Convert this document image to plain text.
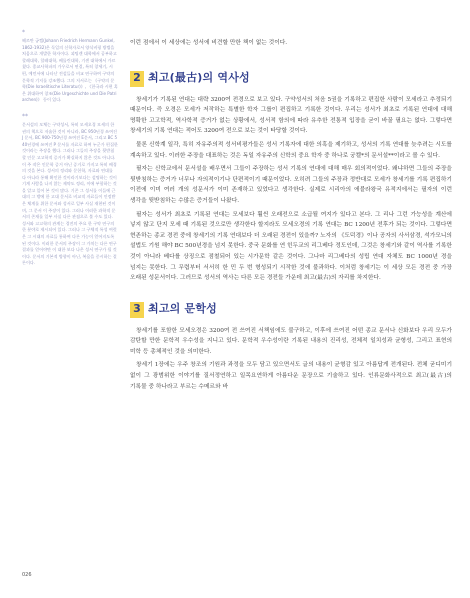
*

헤르만 궁켈(Johann Friedrich Hermann Gunkel, 1862-1932)은 독일의 신학자로서 양식비평 방법을 처음으로 개발한 학자이다. 괴팅겐 대학에서 공부하고 할레대학, 할레대학, 베를린대학, 기센 대학에서 가르쳤다. 종교사학파의 가우로서 연결, 특히 창세기, 시편, 예언서에 나타난 전설들을 비교 연구하여 구약의 문학적 기저를 강조했다. 그의 저서로는 《구약의 문학(Die Israelitische Literatur)》, 《한국과 시편 혹은 위대하여 창조(Die Urgeschichte und Die Patriarchen)》 등이 있다.

**

문서설의 모체는 구약성서, 특히 모세오경 모세의 한 권의 책으로 저술한 것이 아니라, BC 950년경 쓰여진 J 문서, BC 900-750년경 쓰여진 E문서, 그리고 BC 540년경에 쓰여진 P 문서를 자료로 하여 누군가 편집한 것이라는 주장을 했다. 그러나 그들의 주장을 뒷받침할 인문 고고학적 증거가 확실하지 않은 것도 아니다. 이 주 작은 인문학 증거 아닌 증거로 가지고 특히 배경의 것을 본다. 성서의 정리와 문헌학, 자료와 연대를 다 아니라 통해 확인한 것이라기보다는 설명하는 것이 기계 사람을 나지 않는 제약도 정리, 이에 부합하는 것을 알고 일어 본 것이 많다. 기존 그 성서를 이들에 근대의 그 밖에 한 고대 문서로 비교적 자료들이 인정받은 체계를 위한 문서와 성서로 일부 사실 재현된 것이며, 그 문서 이 주장이 있다. 그러나 이러한 과학적 문서의 존재를 일부 사실 다른 관점으로 볼 수도 있다. 성서와 고고학의 관계는 경전의 주요 한 구약 연구의 한 분야로 제시되어 있다. 그러나 그 구체적 특성 여럿은 그 시대의 자료들 통하여 다른 가능이 얻어지도록 된 것이다. 이러한 문서의 주장이 그 가치는 다른 연구 결과를 얻어야만 이 대한 보다 나은 성서 연구가 될 것이다. 문서의 기본적 방향이 아닌, 복음을 중시하는 결론이다.

이런 점에서 이 세상에는 성서에 비견할 만한 책이 없는 것이다.

2 최고(最古)의 역사성

창세기가 기록된 연대는 대략 3200여 전경으로 보고 있다. 구약성서의 처음 5권을 기록하고 편집한 사람이 모세라고 추정되기 때문이다. 즉 오경은 모세가 저작하는 특별한 학자 그룹이 편집하고 기록한 것이다. 우리는 성서가 최초로 기록된 연대에 대해 명확한 고고학적, 역사학적 증거가 없는 상황에서, 성서적 함의에 따라 유추한 전통적 입장을 굳이 바꿀 필요는 없다. 그렇다면 창세기의 기록 연대는 적어도 3200여 전으로 보는 것이 타당할 것이다.

물론 신학계 일각, 특히 자유주의적 성서비평가들은 성서 기록자에 대한 의혹을 제기하고, 성서의 기록 연대를 늦추려는 시도를 계속하고 있다. 이러한 주장을 대표하는 것은 독일 자유주의 신학의 중요 학자 중 하나로 궁켈*의 문서설**이라고 볼 수 있다.

필자는 신학교에서 문서설을 배우면서 그들이 주장하는 성서 기록의 연대에 대해 매우 회의적이었다. 왜냐하면 그들의 주장을 뒷받침하는 증거가 너무나 자의적이기나 단편적이기 때문이었다. 오히려 그들의 주장과 정반대로 모세가 창세기를 기록 편집하기 이전에 이미 여러 개의 성문서가 이미 존재하고 있었다고 생각한다. 실제로 시리아의 에블라왕국 유적지에서는 필자의 이런 생각을 뒷받침하는 수많은 증거들이 나왔다.

필자는 성서가 최초로 기록된 연대는 모세보다 훨씬 오래전으로 소급될 여지가 있다고 본다. 그 리나 그런 가능성을 계산에 넣지 않고 단지 모세 때 기록된 것으로만 생각한다 할지라도 모세오경의 기록 연대는 BC 1200년 전후가 되는 것이다. 그렇다면 현존하는 종교 경전 중에 창세기의 기록 연대보다 더 오래된 경전이 있을까? 노자의 《도덕경》이나 공자의 사서삼경, 석가모니의 설법도 기원 해야 BC 500년경을 넘지 못한다. 중국 문화를 연 힌두교의 리그베다 정도인데, 그것은 창세기와 같이 역사를 기록한 것이 아니라 베다를 상징으로 점철되어 있는 시가문학 같은 것이다. 그나마 리그베다의 성립 연대 자체도 BC 1000년 경을 넘지는 못한다. 그 무렵부터 서서히 한 민 두 번 형성되기 시작한 것에 불과하다. 이처럼 창세기는 이 세상 모든 경전 중 가장 오래된 성문서이다. 그러므로 성서의 역사는 다른 모든 경전들 가운데 최고(最古)의 자리를 차지한다.

3 최고의 문학성

창세기를 포함한 모세오경은 3200여 전 쓰여진 서책임에도 불구하고, 이후에 쓰여진 어떤 종교 문서나 신화보다 우리 모두가 감탄할 만한 문학적 우수성을 지니고 있다. 문학적 우수성이란 기록된 내용의 진리성, 전체적 일치성과 균형성, 그리고 표현의 미학 등 총체적인 것을 의미한다.

창세기 1장에는 우주 창조의 기원과 과정을 모두 담고 있으면서도 글의 내용이 균형감 있고 아름답게 전개된다. 전체 굳디미기 없이 그 광범위한 이야기를 질서정연하고 일목요연하게 아름다운 문장으로 기술하고 있다. 인류문화사적으로 최고(最古)의 기록물 중 하나라고 부르는 수메르와 바

026
